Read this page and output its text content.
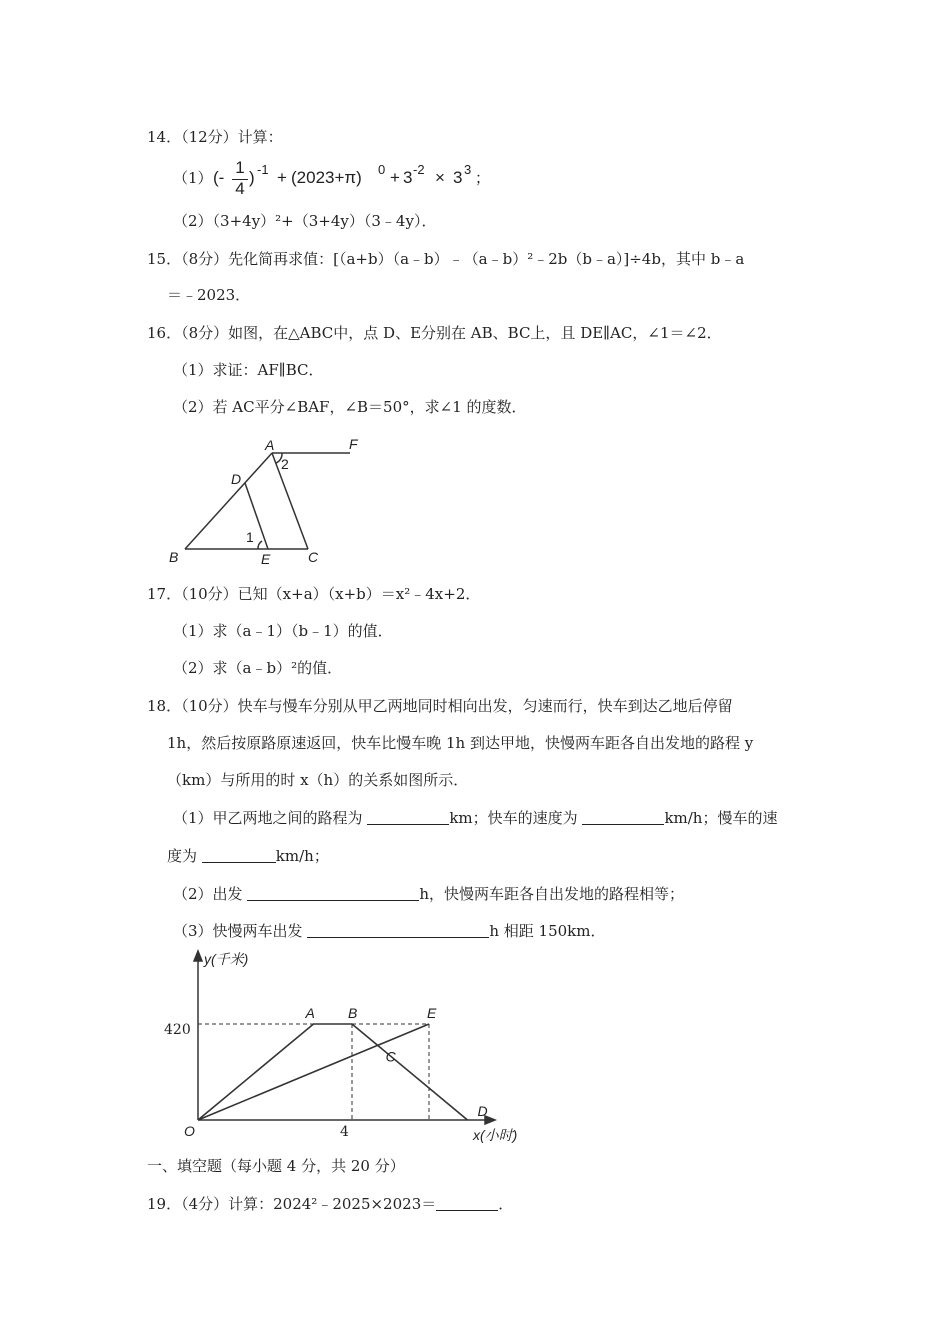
14．（12分）计算：
（1） (-
1
4
) -1 + (2023+π) 0 + 3 -2 × 3 3 ；
（2）（3+4y）²+（3+4y）（3﹣4y）．
15．（8分）先化简再求值：[（a+b）（a﹣b）﹣（a﹣b）²﹣2b（b﹣a）]÷4b，其中 b﹣a
＝﹣2023．
16．（8分）如图，在△ABC中，点 D、E分别在 AB、BC上，且 DE∥AC，∠1＝∠2．
（1）求证：AF∥BC．
（2）若 AC平分∠BAF，∠B＝50°，求∠1 的度数．
A	F
D
B	E	C
1
2
17．（10分）已知（x+a）（x+b）＝x²﹣4x+2．
（1）求（a﹣1）（b﹣1）的值．
（2）求（a﹣b）²的值．
18．（10分）快车与慢车分别从甲乙两地同时相向出发，匀速而行，快车到达乙地后停留
1h，然后按原路原速返回，快车比慢车晚 1h 到达甲地，快慢两车距各自出发地的路程 y
（km）与所用的时 x（h）的关系如图所示．
（1）甲乙两地之间的路程为	km；快车的速度为	km/h；慢车的速
度为	km/h；
（2）出发	h，快慢两车距各自出发地的路程相等；
（3）快慢两车出发	h 相距 150km．
A B
C
D
E
O
y(千米)
x(小时)
420
4
一、填空题（每小题 4 分，共 20 分）
19．（4分）计算：2024²﹣2025×2023＝	．
